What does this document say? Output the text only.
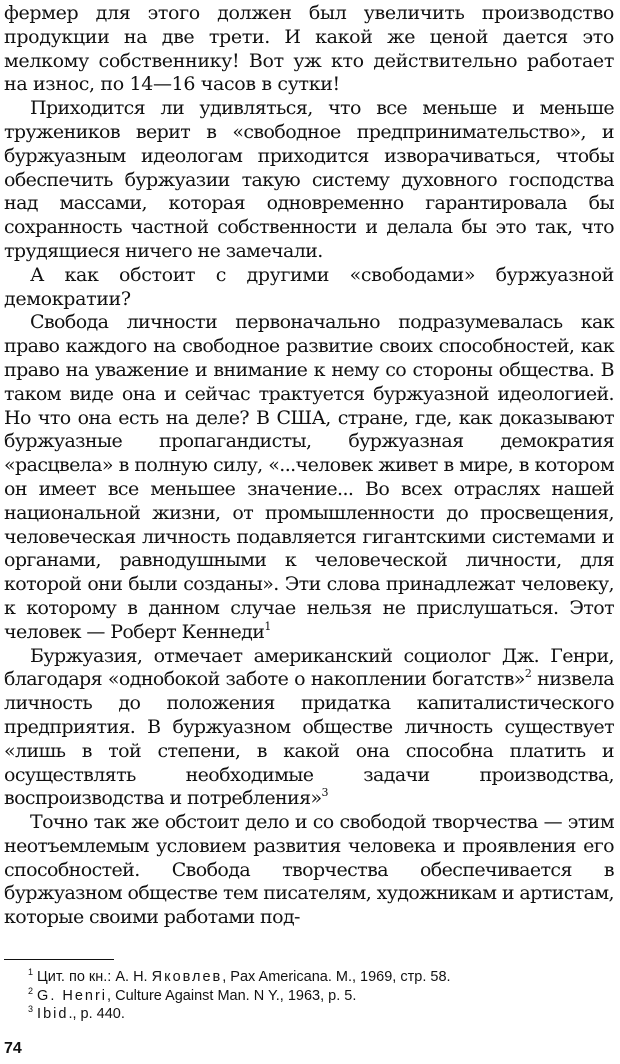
фермер для этого должен был увеличить производство продукции на две трети. И какой же ценой дается это мелкому собственнику! Вот уж кто действительно работает на износ, по 14—16 часов в сутки!

Приходится ли удивляться, что все меньше и меньше тружеников верит в «свободное предпринимательство», и буржуазным идеологам приходится изворачиваться, чтобы обеспечить буржуазии такую систему духовного господства над массами, которая одновременно гарантировала бы сохранность частной собственности и делала бы это так, что трудящиеся ничего не замечали.

А как обстоит с другими «свободами» буржуазной демократии?

Свобода личности первоначально подразумевалась как право каждого на свободное развитие своих способностей, как право на уважение и внимание к нему со стороны общества. В таком виде она и сейчас трактуется буржуазной идеологией. Но что она есть на деле? В США, стране, где, как доказывают буржуазные пропагандисты, буржуазная демократия «расцвела» в полную силу, «...человек живет в мире, в котором он имеет все меньшее значение... Во всех отраслях нашей национальной жизни, от промышленности до просвещения, человеческая личность подавляется гигантскими системами и органами, равнодушными к человеческой личности, для которой они были созданы». Эти слова принадлежат человеку, к которому в данном случае нельзя не прислушаться. Этот человек — Роберт Кеннеди$^1$

Буржуазия, отмечает американский социолог Дж. Генри, благодаря «однобокой заботе о накоплении богатств»$^2$ низвела личность до положения придатка капиталистического предприятия. В буржуазном обществе личность существует «лишь в той степени, в какой она способна платить и осуществлять необходимые задачи производства, воспроизводства и потребления»$^3$

Точно так же обстоит дело и со свободой творчества — этим неотъемлемым условием развития человека и проявления его способностей. Свобода творчества обеспечивается в буржуазном обществе тем писателям, художникам и артистам, которые своими работами под-

$^1$ Цит. по кн.: А. Н. Яковлев, Pax Americana. М., 1969, стр. 58.

$^2$ G. Henri, Culture Against Man. N Y., 1963, p. 5.

$^3$ Ibid., p. 440.

74
